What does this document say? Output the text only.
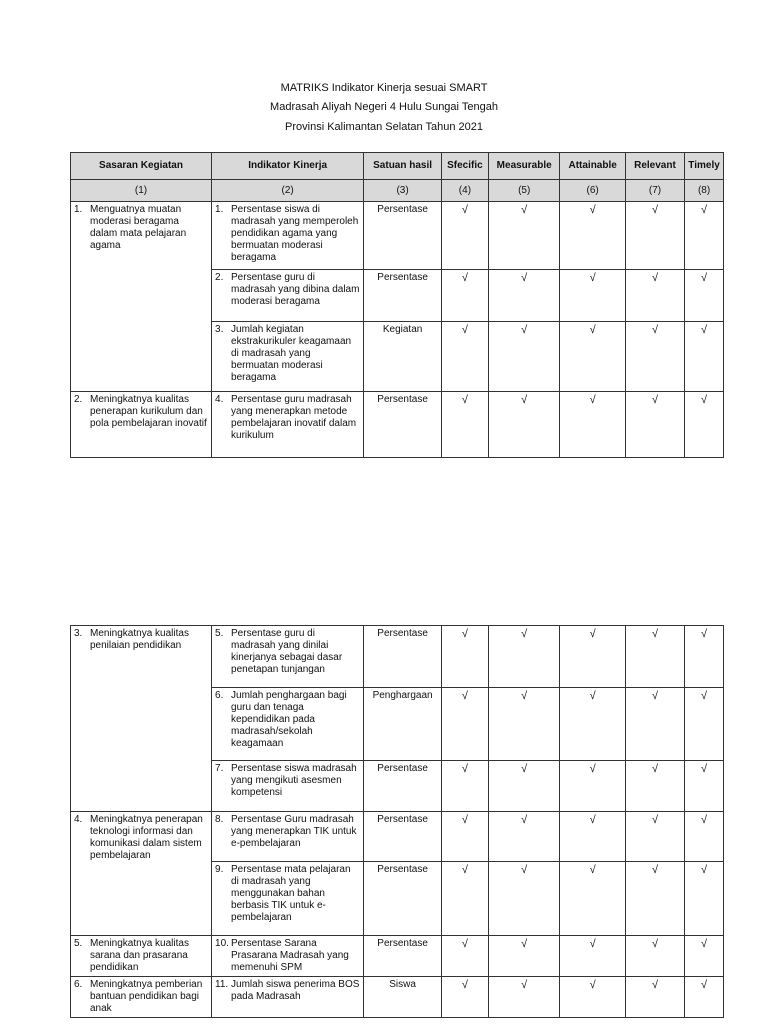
MATRIKS Indikator Kinerja sesuai SMART
Madrasah Aliyah Negeri 4 Hulu Sungai Tengah
Provinsi Kalimantan Selatan Tahun 2021
Sasaran Kegiatan	Indikator Kinerja	Satuan hasil	Sfecific	Measurable	Attainable	Relevant	Timely
(1)	(2)	(3)	(4)	(5)	(6)	(7)	(8)

1. Menguatnya muatan moderasi beragama dalam mata pelajaran agama	1. Persentase siswa di madrasah yang memperoleh pendidikan agama yang bermuatan moderasi beragama	Persentase	√	√	√	√	√

	2. Persentase guru di madrasah yang dibina dalam moderasi beragama	Persentase	√	√	√	√	√

	3. Jumlah kegiatan ekstrakurikuler keagamaan di madrasah yang bermuatan moderasi beragama	Kegiatan	√	√	√	√	√

2. Meningkatnya kualitas penerapan kurikulum dan pola pembelajaran inovatif	4. Persentase guru madrasah yang menerapkan metode pembelajaran inovatif dalam kurikulum	Persentase	√	√	√	√	√
3. Meningkatnya kualitas penilaian pendidikan	5. Persentase guru di madrasah yang dinilai kinerjanya sebagai dasar penetapan tunjangan	Persentase	√	√	√	√	√

	6. Jumlah penghargaan bagi guru dan tenaga kependidikan pada madrasah/sekolah keagamaan	Penghargaan	√	√	√	√	√

	7. Persentase siswa madrasah yang mengikuti asesmen kompetensi	Persentase	√	√	√	√	√

4. Meningkatnya penerapan teknologi informasi dan komunikasi dalam sistem pembelajaran	8. Persentase Guru madrasah yang menerapkan TIK untuk e-pembelajaran	Persentase	√	√	√	√	√

	9. Persentase mata pelajaran di madrasah yang menggunakan bahan berbasis TIK untuk e-pembelajaran	Persentase	√	√	√	√	√

5. Meningkatnya kualitas sarana dan prasarana pendidikan	10. Persentase Sarana Prasarana Madrasah yang memenuhi SPM	Persentase	√	√	√	√	√

6. Meningkatnya pemberian bantuan pendidikan bagi anak	11. Jumlah siswa penerima BOS pada Madrasah	Siswa	√	√	√	√	√
